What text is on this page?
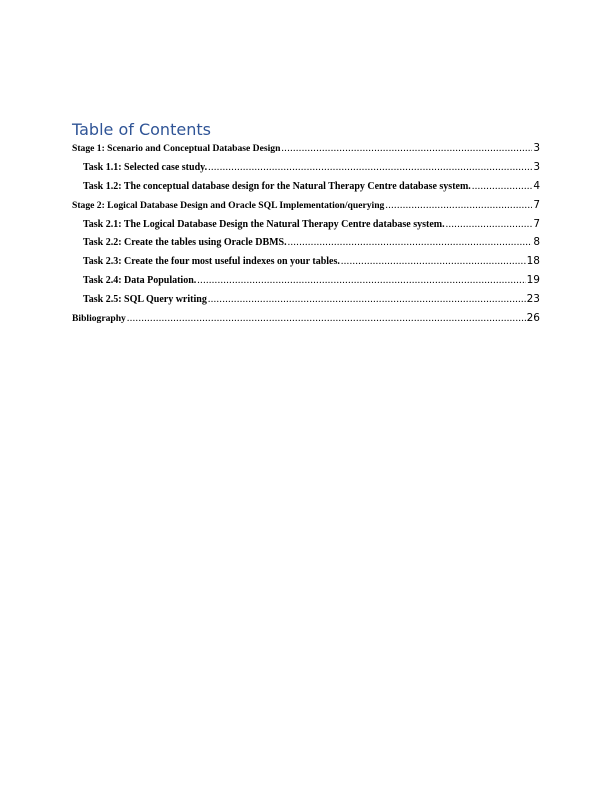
Table of Contents
Stage 1: Scenario and Conceptual Database Design .....	3
Task 1.1: Selected case study. .....	3
Task 1.2: The conceptual database design for the Natural Therapy Centre database system. .....	4
Stage 2: Logical Database Design and Oracle SQL Implementation/querying .....	7
Task 2.1: The Logical Database Design the Natural Therapy Centre database system. .....	7
Task 2.2: Create the tables using Oracle DBMS. .....	8
Task 2.3: Create the four most useful indexes on your tables. .....	18
Task 2.4: Data Population. .....	19
Task 2.5: SQL Query writing .....	23
Bibliography .....	26
